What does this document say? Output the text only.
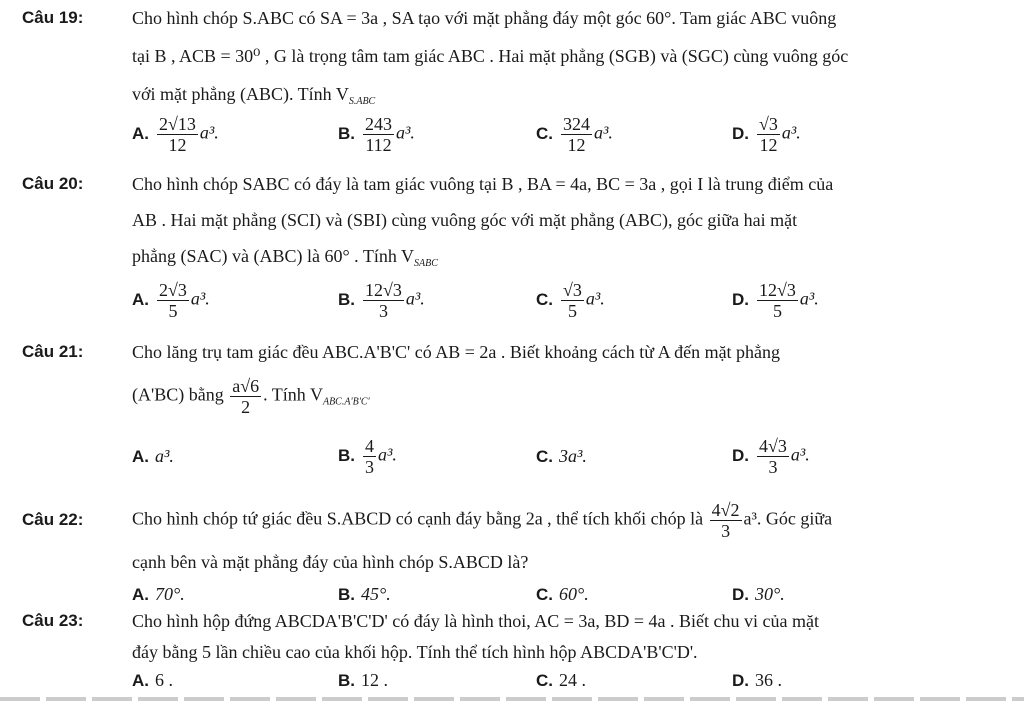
Câu 19:	Cho hình chóp S.ABC có SA = 3a , SA tạo với mặt phẳng đáy một góc 60°. Tam giác ABC vuông
tại B , ACB = 30⁰ , G là trọng tâm tam giác ABC . Hai mặt phẳng (SGB) và (SGC) cùng vuông góc
với mặt phẳng (ABC). Tính $V_{S.ABC}$
A. $\frac{2√13}{12} a^3$.	B. $\frac{243}{112} a^3$.	C. $\frac{324}{12} a^3$.	D. $\frac{√3}{12} a^3$.
Câu 20:	Cho hình chóp SABC có đáy là tam giác vuông tại B , BA = 4a, BC = 3a , gọi I là trung điểm của
AB . Hai mặt phẳng (SCI) và (SBI) cùng vuông góc với mặt phẳng (ABC), góc giữa hai mặt
phẳng (SAC) và (ABC) là 60° . Tính $V_{SABC}$
A. $\frac{2√3}{5} a^3$.	B. $\frac{12√3}{3} a^3$.	C. $\frac{√3}{5} a^3$.	D. $\frac{12√3}{5} a^3$.
Câu 21:	Cho lăng trụ tam giác đều ABC.A'B'C' có AB = 2a . Biết khoảng cách từ A đến mặt phẳng
(A'BC) bằng $\frac{a√6}{2}$ . Tính $V_{ABC.A'B'C'}$
A. a³.	B. $\frac{4}{3} a^3$.	C. 3a³.	D. $\frac{4√3}{3} a^3$.
Câu 22:	Cho hình chóp tứ giác đều S.ABCD có cạnh đáy bằng 2a , thể tích khối chóp là $\frac{4√2}{3} a^3$. Góc giữa
cạnh bên và mặt phẳng đáy của hình chóp S.ABCD là?
A. 70°.	B. 45°.	C. 60°.	D. 30°.
Câu 23:	Cho hình hộp đứng ABCDA'B'C'D' có đáy là hình thoi, AC = 3a, BD = 4a . Biết chu vi của mặt
đáy bằng 5 lần chiều cao của khối hộp. Tính thể tích hình hộp ABCDA'B'C'D'.
A. 6 .	B. 12 .	C. 24 .	D. 36 .
